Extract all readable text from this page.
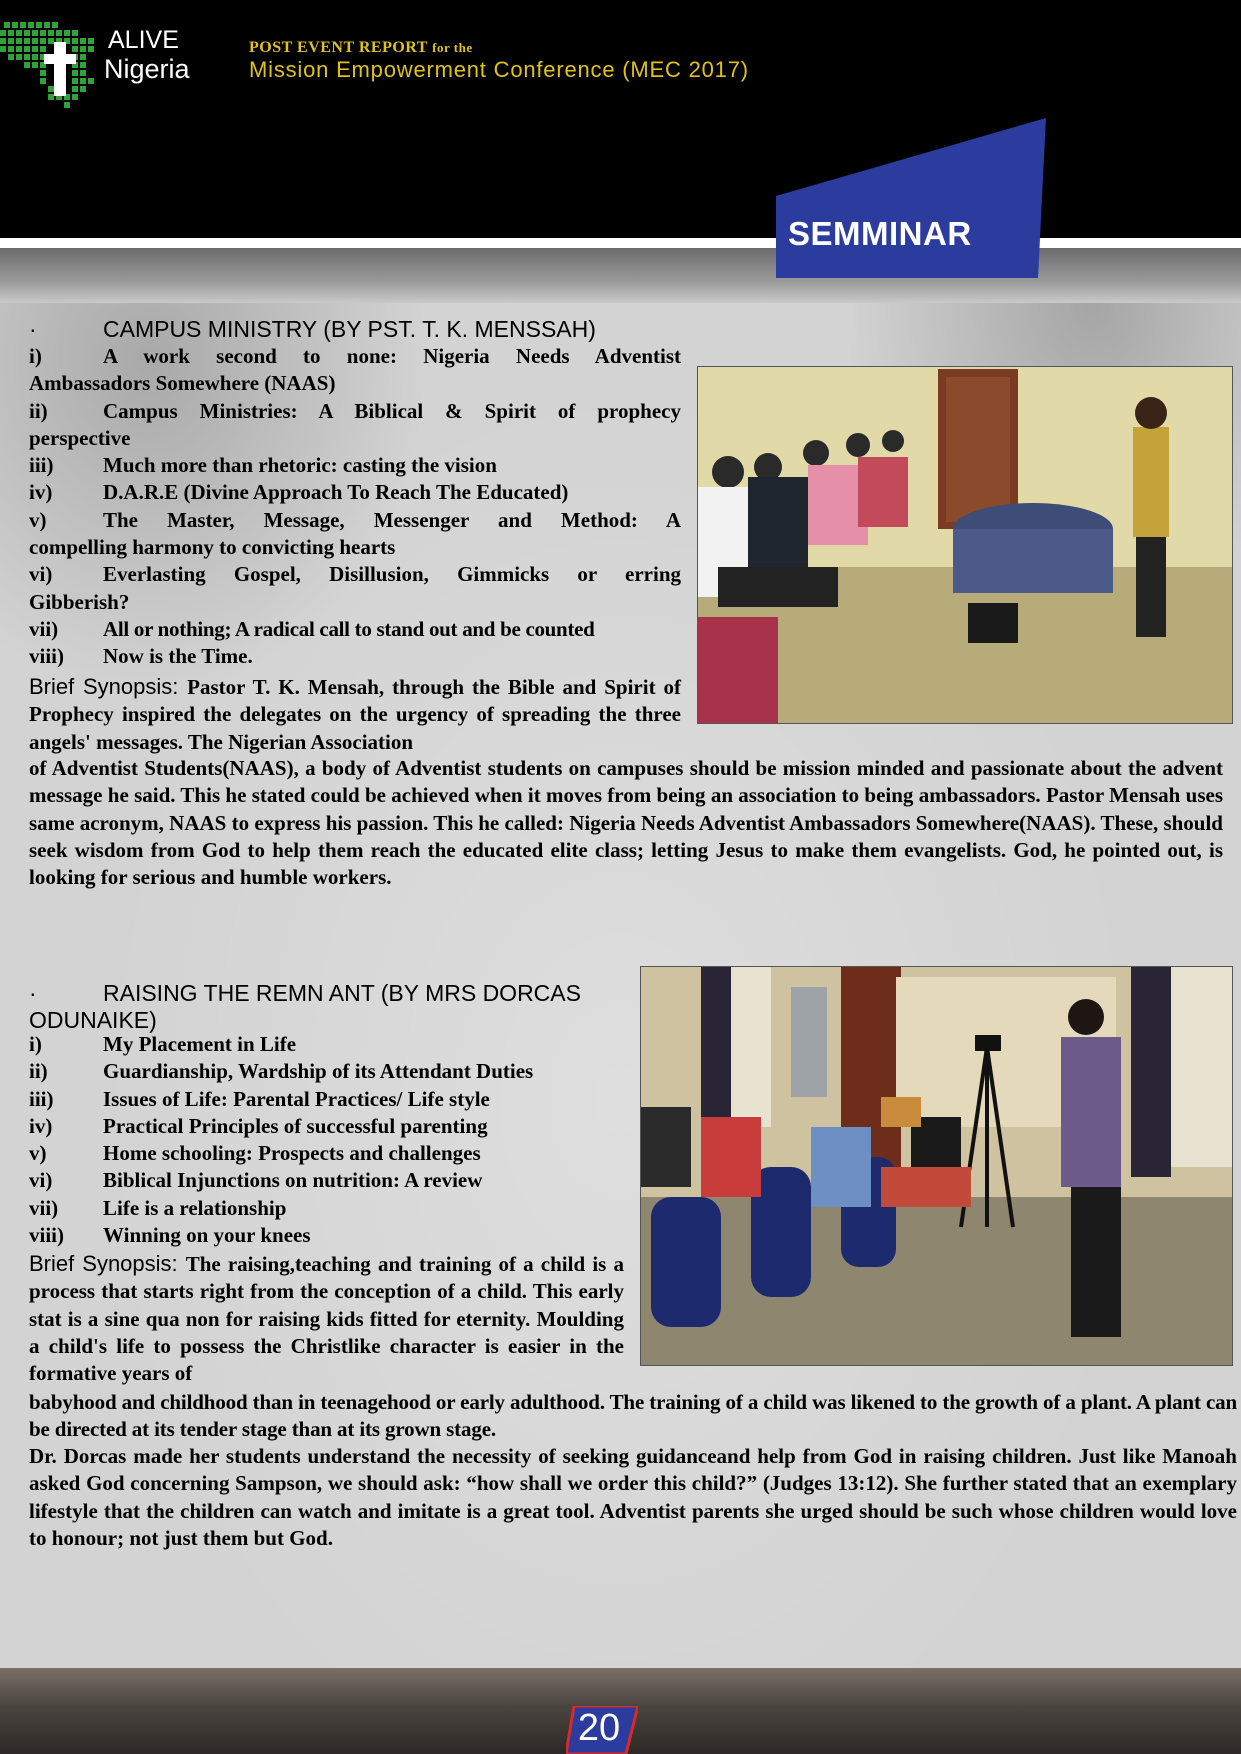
ALIVE
Nigeria
POST EVENT REPORT for the
Mission Empowerment Conference (MEC 2017)
SEMMINAR
·	CAMPUS MINISTRY (BY PST. T. K. MENSSAH)
i)	A work second to none: Nigeria Needs Adventist
Ambassadors Somewhere (NAAS)
ii)	Campus Ministries: A Biblical & Spirit of prophecy
perspective
iii)	Much more than rhetoric: casting the vision
iv)	D.A.R.E (Divine Approach To Reach The Educated)
v)	The Master, Message, Messenger and Method: A
compelling harmony to convicting hearts
vi)	Everlasting Gospel, Disillusion, Gimmicks or erring
Gibberish?
vii)	All or nothing; A radical call to stand out and be counted
viii)	Now is the Time.

Brief Synopsis: Pastor T. K. Mensah, through the Bible and Spirit of Prophecy inspired the delegates on the urgency of spreading the three angels' messages. The Nigerian Association

of Adventist Students(NAAS), a body of Adventist students on campuses should be mission minded and passionate about the advent message he said. This he stated could be achieved when it moves from being an association to being ambassadors. Pastor Mensah uses same acronym, NAAS to express his passion. This he called: Nigeria Needs Adventist Ambassadors Somewhere(NAAS). These, should seek wisdom from God to help them reach the educated elite class; letting Jesus to make them evangelists. God, he pointed out, is looking for serious and humble workers.

·	RAISING THE REMN ANT (BY MRS DORCAS
ODUNAIKE)
i)	My Placement in Life
ii)	Guardianship, Wardship of its Attendant Duties
iii)	Issues of Life: Parental Practices/ Life style
iv)	Practical Principles of successful parenting
v)	Home schooling: Prospects and challenges
vi)	Biblical Injunctions on nutrition: A review
vii)	Life is a relationship
viii)	Winning on your knees

Brief Synopsis: The raising,teaching and training of a child is a process that starts right from the conception of a child. This early stat is a sine qua non for raising kids fitted for eternity. Moulding a child's life to possess the Christlike character is easier in the formative years of

babyhood and childhood than in teenagehood or early adulthood. The training of a child was likened to the growth of a plant. A plant can be directed at its tender stage than at its grown stage.

Dr. Dorcas made her students understand the necessity of seeking guidanceand help from God in raising children. Just like Manoah asked God concerning Sampson, we should ask: “how shall we order this child?” (Judges 13:12). She further stated that an exemplary lifestyle that the children can watch and imitate is a great tool. Adventist parents she urged should be such whose children would love to honour; not just them but God.

20
